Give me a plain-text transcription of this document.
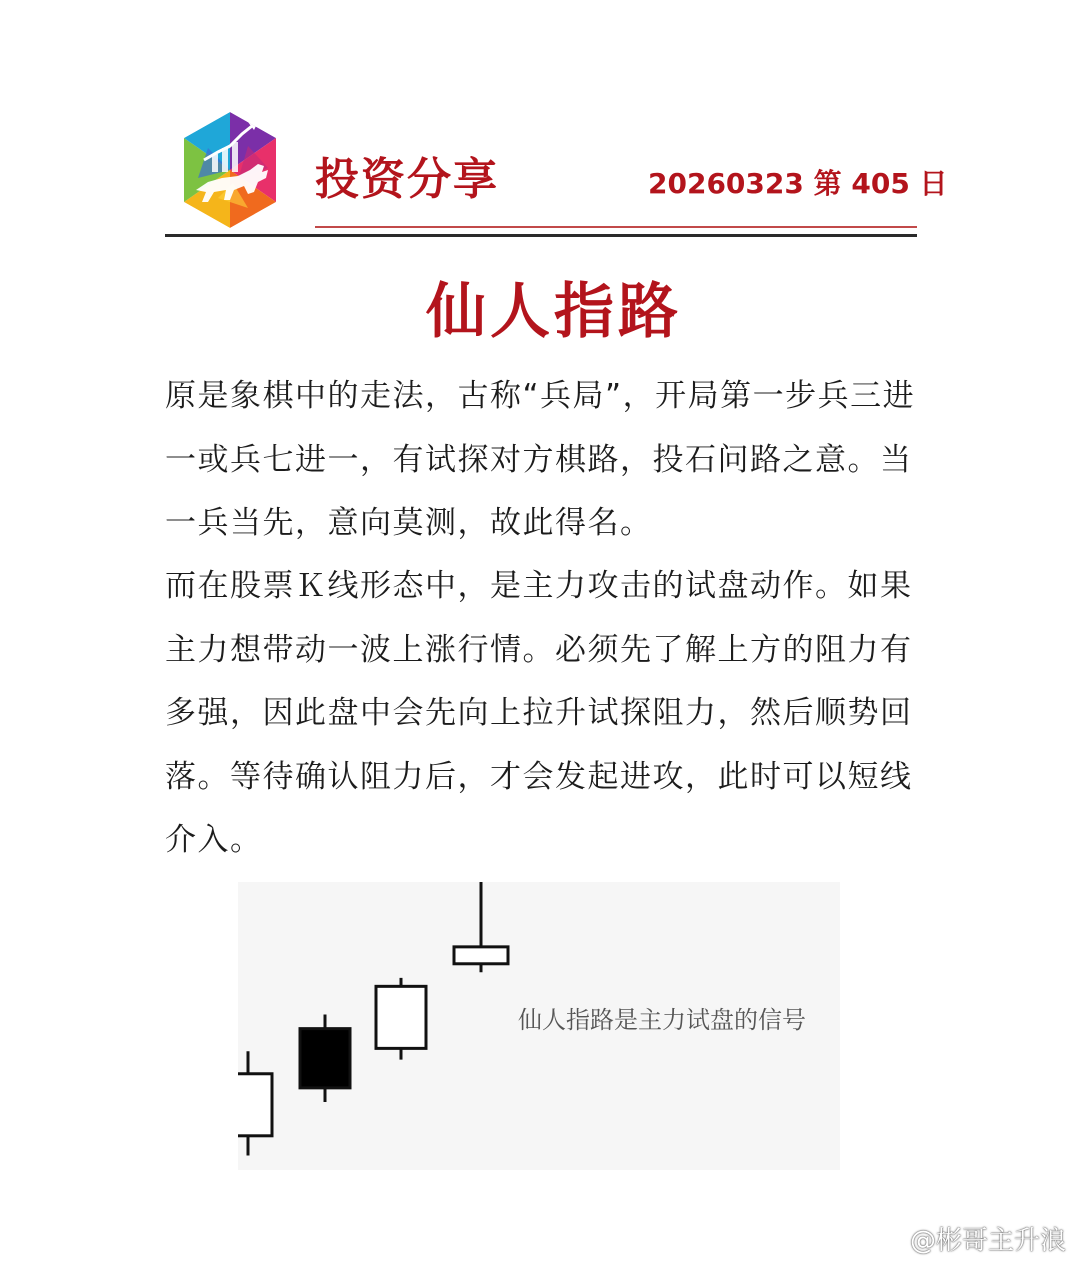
投资分享	20260323 第 405 日
仙人指路

原是象棋中的走法，古称“兵局”，开局第一步兵三进一或兵七进一，有试探对方棋路，投石问路之意。当一兵当先，意向莫测，故此得名。

而在股票Ｋ线形态中，是主力攻击的试盘动作。如果主力想带动一波上涨行情。必须先了解上方的阻力有多强，因此盘中会先向上拉升试探阻力，然后顺势回落。等待确认阻力后，才会发起进攻，此时可以短线介入。

仙人指路是主力试盘的信号
@彬哥主升浪
